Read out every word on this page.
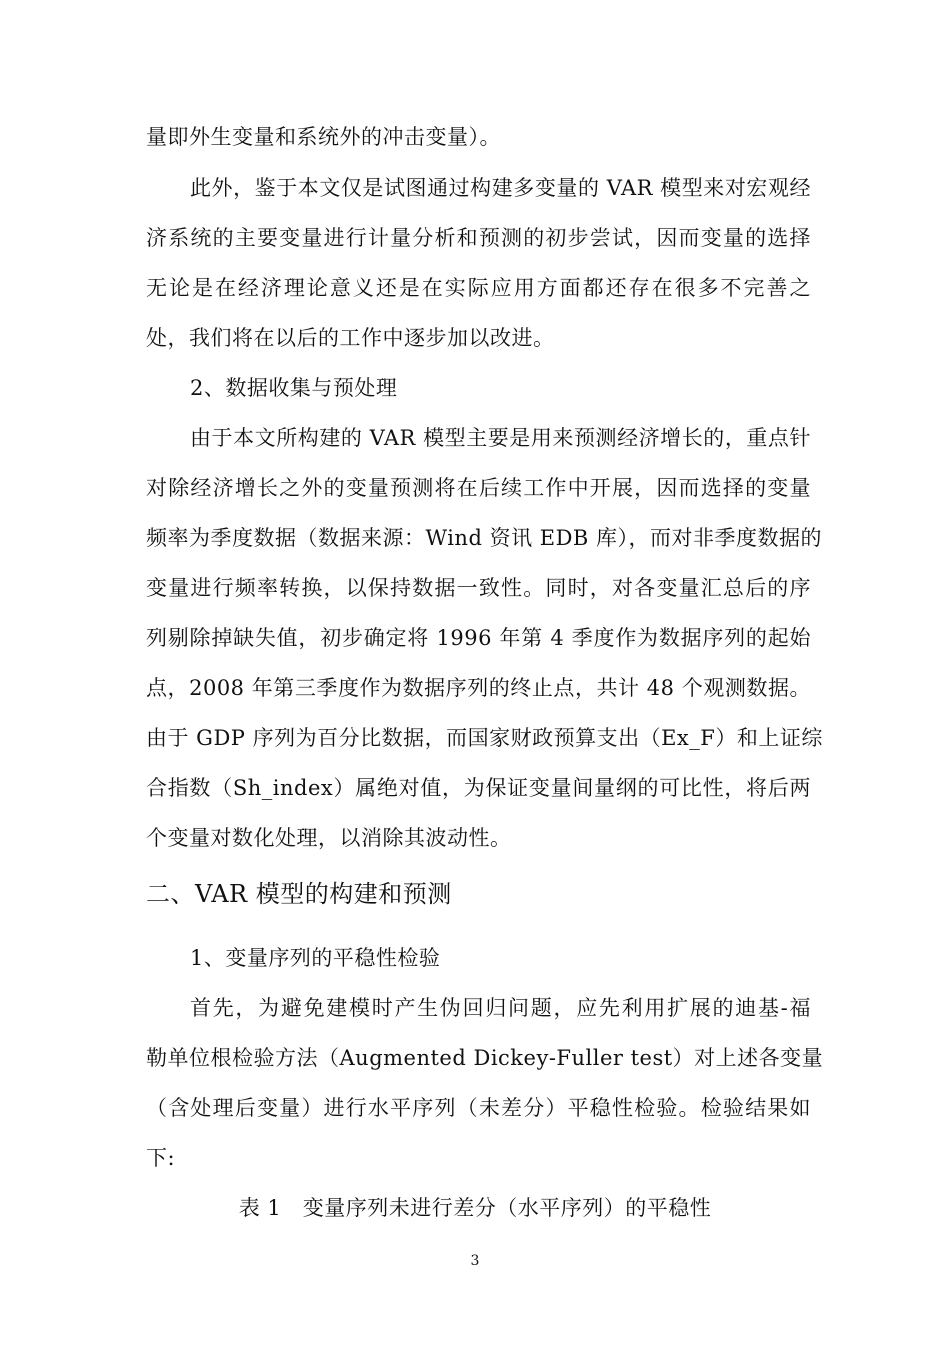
量即外生变量和系统外的冲击变量）。
此外，鉴于本文仅是试图通过构建多变量的 VAR 模型来对宏观经
济系统的主要变量进行计量分析和预测的初步尝试，因而变量的选择
无论是在经济理论意义还是在实际应用方面都还存在很多不完善之
处，我们将在以后的工作中逐步加以改进。
2、数据收集与预处理
由于本文所构建的 VAR 模型主要是用来预测经济增长的，重点针
对除经济增长之外的变量预测将在后续工作中开展，因而选择的变量
频率为季度数据（数据来源：Wind 资讯 EDB 库），而对非季度数据的
变量进行频率转换，以保持数据一致性。同时，对各变量汇总后的序
列剔除掉缺失值，初步确定将 1996 年第 4 季度作为数据序列的起始
点，2008 年第三季度作为数据序列的终止点，共计 48 个观测数据。
由于 GDP 序列为百分比数据，而国家财政预算支出（Ex_F）和上证综
合指数（Sh_index）属绝对值，为保证变量间量纲的可比性，将后两
个变量对数化处理，以消除其波动性。
二、VAR 模型的构建和预测
1、变量序列的平稳性检验
首先，为避免建模时产生伪回归问题，应先利用扩展的迪基-福
勒单位根检验方法（Augmented Dickey-Fuller test）对上述各变量
（含处理后变量）进行水平序列（未差分）平稳性检验。检验结果如
下:
表 1　变量序列未进行差分（水平序列）的平稳性
3
